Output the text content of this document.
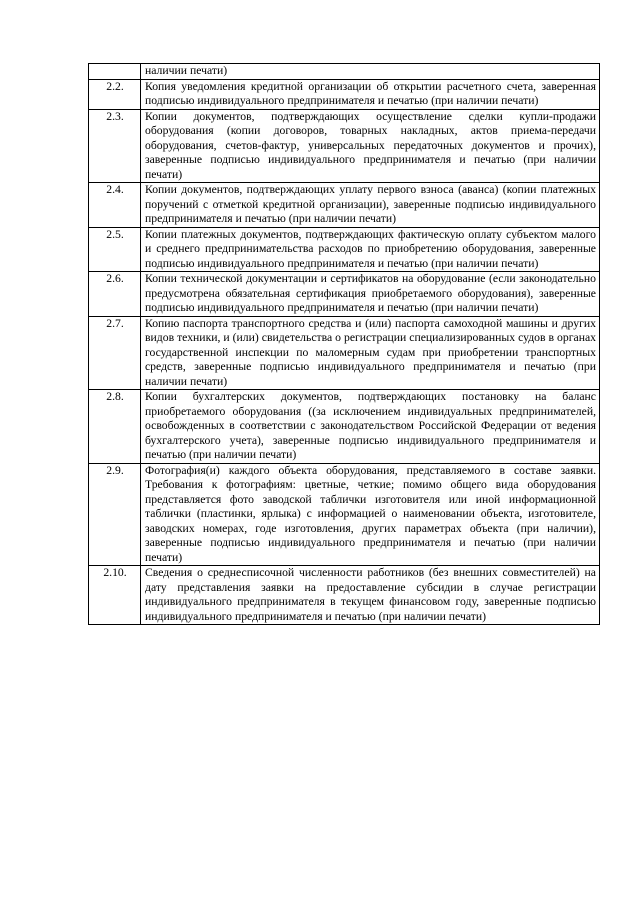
	наличии печати)
2.2.	Копия уведомления кредитной организации об открытии расчетного счета, заверенная подписью индивидуального предпринимателя и печатью (при наличии печати)
2.3.	Копии документов, подтверждающих осуществление сделки купли-продажи оборудования (копии договоров, товарных накладных, актов приема-передачи оборудования, счетов-фактур, универсальных передаточных документов и прочих), заверенные подписью индивидуального предпринимателя и печатью (при наличии печати)
2.4.	Копии документов, подтверждающих уплату первого взноса (аванса) (копии платежных поручений с отметкой кредитной организации), заверенные подписью индивидуального предпринимателя и печатью (при наличии печати)
2.5.	Копии платежных документов, подтверждающих фактическую оплату субъектом малого и среднего предпринимательства расходов по приобретению оборудования, заверенные подписью индивидуального предпринимателя и печатью (при наличии печати)
2.6.	Копии технической документации и сертификатов на оборудование (если законодательно предусмотрена обязательная сертификация приобретаемого оборудования), заверенные подписью индивидуального предпринимателя и печатью (при наличии печати)
2.7.	Копию паспорта транспортного средства и (или) паспорта самоходной машины и других видов техники, и (или) свидетельства о регистрации специализированных судов в органах государственной инспекции по маломерным судам при приобретении транспортных средств, заверенные подписью индивидуального предпринимателя и печатью (при наличии печати)
2.8.	Копии бухгалтерских документов, подтверждающих постановку на баланс приобретаемого оборудования ((за исключением индивидуальных предпринимателей, освобожденных в соответствии с законодательством Российской Федерации от ведения бухгалтерского учета), заверенные подписью индивидуального предпринимателя и печатью (при наличии печати)
2.9.	Фотография(и) каждого объекта оборудования, представляемого в составе заявки. Требования к фотографиям: цветные, четкие; помимо общего вида оборудования представляется фото заводской таблички изготовителя или иной информационной таблички (пластинки, ярлыка) с информацией о наименовании объекта, изготовителе, заводских номерах, годе изготовления, других параметрах объекта (при наличии), заверенные подписью индивидуального предпринимателя и печатью (при наличии печати)
2.10.	Сведения о среднесписочной численности работников (без внешних совместителей) на дату представления заявки на предоставление субсидии в случае регистрации индивидуального предпринимателя в текущем финансовом году, заверенные подписью индивидуального предпринимателя и печатью (при наличии печати)
